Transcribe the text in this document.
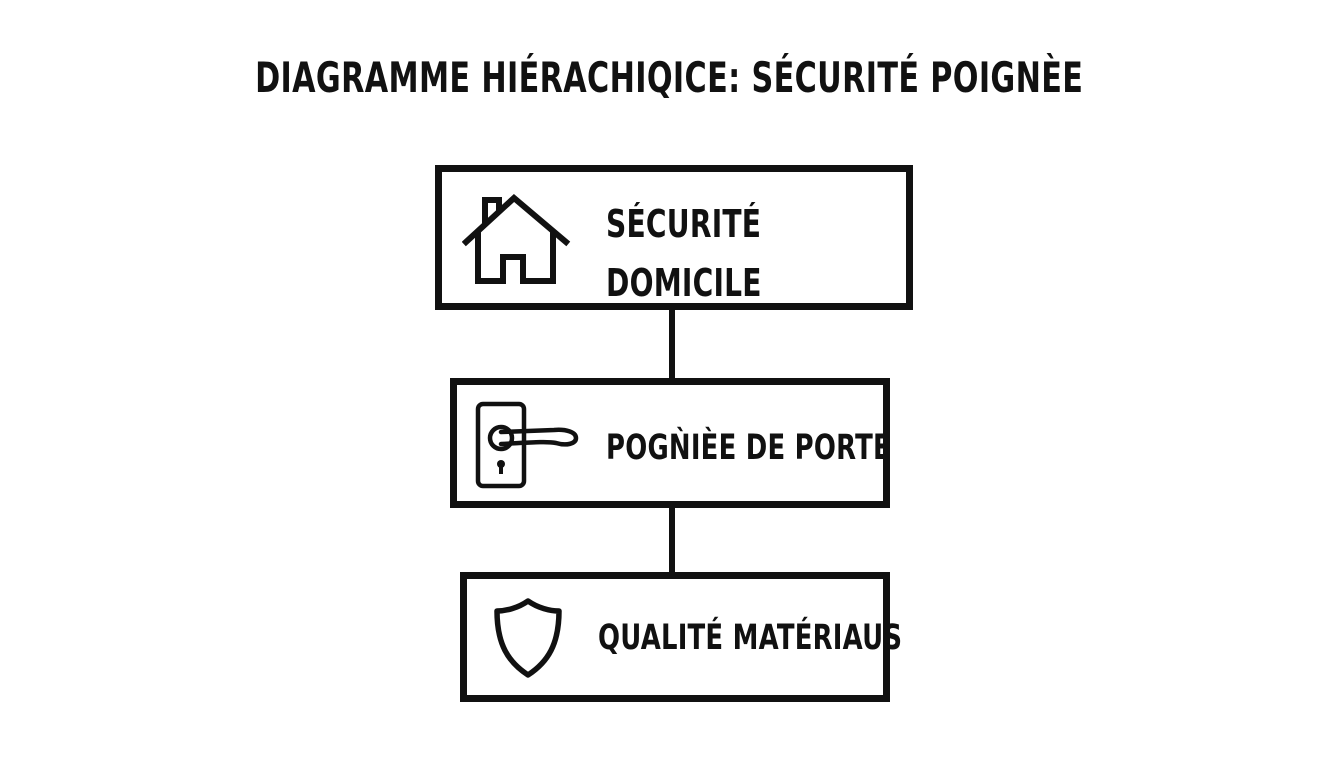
DIAGRAMME HIÉRACHIQICE: SÉCURITÉ POIGNÈE
SÉCURITÉ
DOMICILE
POGǸIÈE DE PORTE
QUALITÉ MATÉRIAUS
